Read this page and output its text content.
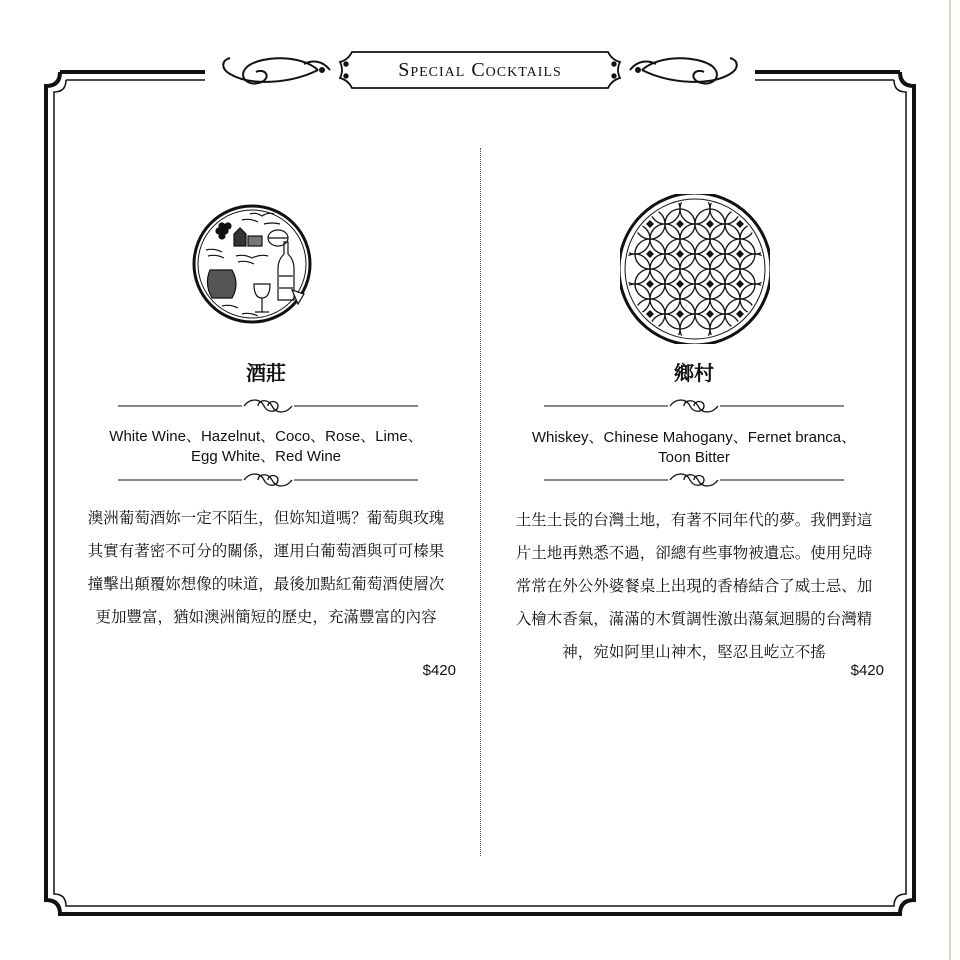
Special Cocktails
酒莊
White Wine、Hazelnut、Coco、Rose、Lime、
Egg White、Red Wine
澳洲葡萄酒妳一定不陌生，但妳知道嗎？葡萄與玫瑰
其實有著密不可分的關係，運用白葡萄酒與可可榛果
撞擊出顛覆妳想像的味道，最後加點紅葡萄酒使層次
更加豐富，猶如澳洲簡短的歷史，充滿豐富的內容
$420
鄉村
Whiskey、Chinese Mahogany、Fernet branca、
Toon Bitter
土生土長的台灣土地，有著不同年代的夢。我們對這
片土地再熟悉不過，卻總有些事物被遺忘。使用兒時
常常在外公外婆餐桌上出現的香椿結合了威士忌、加
入檜木香氣，滿滿的木質調性激出蕩氣迴腸的台灣精
神，宛如阿里山神木，堅忍且屹立不搖
$420
